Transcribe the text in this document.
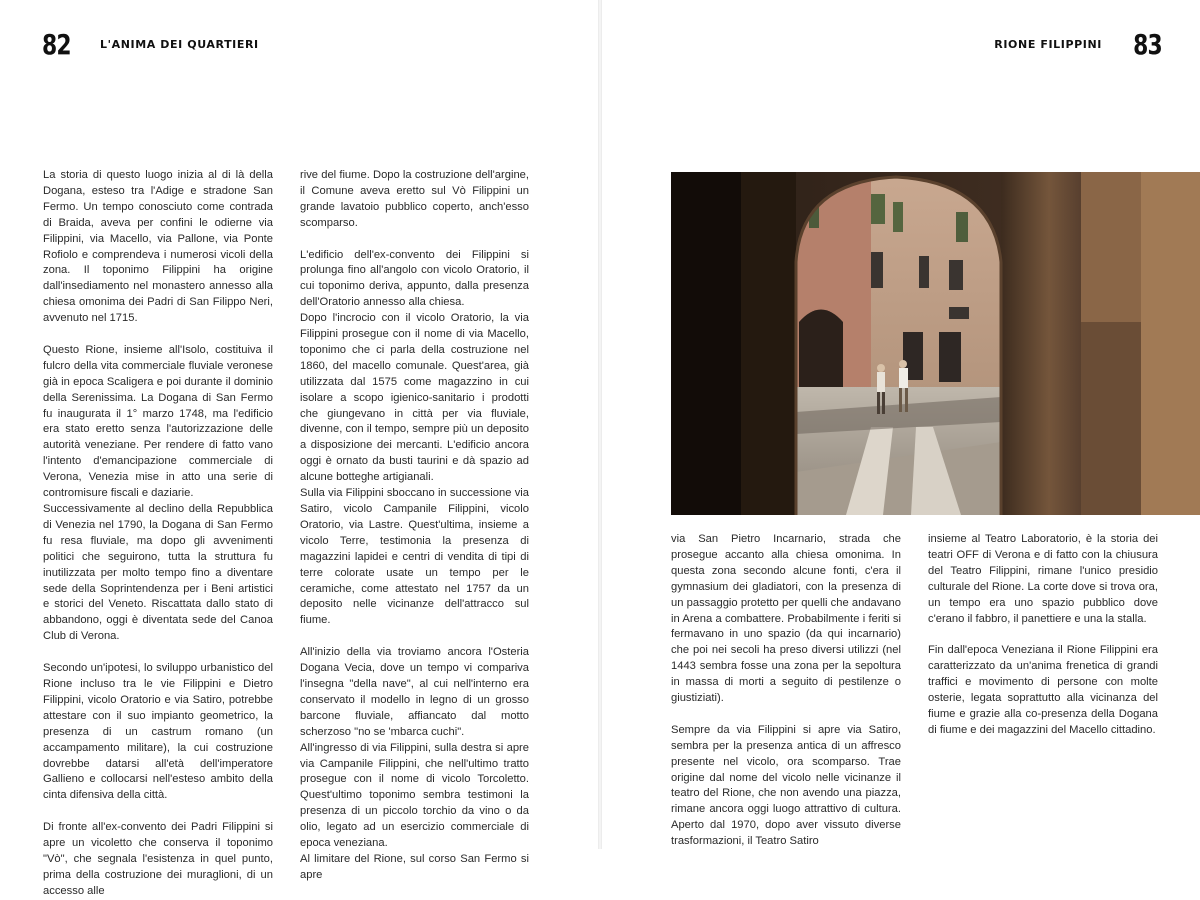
82	L'ANIMA DEI QUARTIERI

La storia di questo luogo inizia al di là della Dogana, esteso tra l'Adige e stradone San Fermo. Un tempo conosciuto come contrada di Braida, aveva per confini le odierne via Filippini, via Macello, via Pallone, via Ponte Rofiolo e comprendeva i numerosi vicoli della zona. Il toponimo Filippini ha origine dall'insediamento nel monastero annesso alla chiesa omonima dei Padri di San Filippo Neri, avvenuto nel 1715.

Questo Rione, insieme all'Isolo, costituiva il fulcro della vita commerciale fluviale veronese già in epoca Scaligera e poi durante il dominio della Serenissima. La Dogana di San Fermo fu inaugurata il 1° marzo 1748, ma l'edificio era stato eretto senza l'autorizzazione delle autorità veneziane. Per rendere di fatto vano l'intento d'emancipazione commerciale di Verona, Venezia mise in atto una serie di contromisure fiscali e daziarie.

Successivamente al declino della Repubblica di Venezia nel 1790, la Dogana di San Fermo fu resa fluviale, ma dopo gli avvenimenti politici che seguirono, tutta la struttura fu inutilizzata per molto tempo fino a diventare sede della Soprintendenza per i Beni artistici e storici del Veneto. Riscattata dallo stato di abbandono, oggi è diventata sede del Canoa Club di Verona.

Secondo un'ipotesi, lo sviluppo urbanistico del Rione incluso tra le vie Filippini e Dietro Filippini, vicolo Oratorio e via Satiro, potrebbe attestare con il suo impianto geometrico, la presenza di un castrum romano (un accampamento militare), la cui costruzione dovrebbe datarsi all'età dell'imperatore Gallieno e collocarsi nell'esteso ambito della cinta difensiva della città.

Di fronte all'ex-convento dei Padri Filippini si apre un vicoletto che conserva il toponimo "Vò", che segnala l'esistenza in quel punto, prima della costruzione dei muraglioni, di un accesso alle

rive del fiume. Dopo la costruzione dell'argine, il Comune aveva eretto sul Vò Filippini un grande lavatoio pubblico coperto, anch'esso scomparso.

L'edificio dell'ex-convento dei Filippini si prolunga fino all'angolo con vicolo Oratorio, il cui toponimo deriva, appunto, dalla presenza dell'Oratorio annesso alla chiesa.

Dopo l'incrocio con il vicolo Oratorio, la via Filippini prosegue con il nome di via Macello, toponimo che ci parla della costruzione nel 1860, del macello comunale. Quest'area, già utilizzata dal 1575 come magazzino in cui isolare a scopo igienico-sanitario i prodotti che giungevano in città per via fluviale, divenne, con il tempo, sempre più un deposito a disposizione dei mercanti. L'edificio ancora oggi è ornato da busti taurini e dà spazio ad alcune botteghe artigianali.

Sulla via Filippini sboccano in successione via Satiro, vicolo Campanile Filippini, vicolo Oratorio, via Lastre. Quest'ultima, insieme a vicolo Terre, testimonia la presenza di magazzini lapidei e centri di vendita di tipi di terre colorate usate un tempo per le ceramiche, come attestato nel 1757 da un deposito nelle vicinanze dell'attracco sul fiume.

All'inizio della via troviamo ancora l'Osteria Dogana Vecia, dove un tempo vi compariva l'insegna "della nave", al cui nell'interno era conservato il modello in legno di un grosso barcone fluviale, affiancato dal motto scherzoso "no se 'mbarca cuchi".

All'ingresso di via Filippini, sulla destra si apre via Campanile Filippini, che nell'ultimo tratto prosegue con il nome di vicolo Torcoletto. Quest'ultimo toponimo sembra testimoni la presenza di un piccolo torchio da vino o da olio, legato ad un esercizio commerciale di epoca veneziana.

Al limitare del Rione, sul corso San Fermo si apre

RIONE FILIPPINI 83

via San Pietro Incarnario, strada che prosegue accanto alla chiesa omonima. In questa zona secondo alcune fonti, c'era il gymnasium dei gladiatori, con la presenza di un passaggio protetto per quelli che andavano in Arena a combattere. Probabilmente i feriti si fermavano in uno spazio (da qui incarnario) che poi nei secoli ha preso diversi utilizzi (nel 1443 sembra fosse una zona per la sepoltura in massa di morti a seguito di pestilenze o giustiziati).

Sempre da via Filippini si apre via Satiro, sembra per la presenza antica di un affresco presente nel vicolo, ora scomparso. Trae origine dal nome del vicolo nelle vicinanze il teatro del Rione, che non avendo una piazza, rimane ancora oggi luogo attrattivo di cultura. Aperto dal 1970, dopo aver vissuto diverse trasformazioni, il Teatro Satiro

insieme al Teatro Laboratorio, è la storia dei teatri OFF di Verona e di fatto con la chiusura del Teatro Filippini, rimane l'unico presidio culturale del Rione. La corte dove si trova ora, un tempo era uno spazio pubblico dove c'erano il fabbro, il panettiere e una la stalla.

Fin dall'epoca Veneziana il Rione Filippini era caratterizzato da un'anima frenetica di grandi traffici e movimento di persone con molte osterie, legata soprattutto alla vicinanza del fiume e grazie alla co-presenza della Dogana di fiume e dei magazzini del Macello cittadino.
